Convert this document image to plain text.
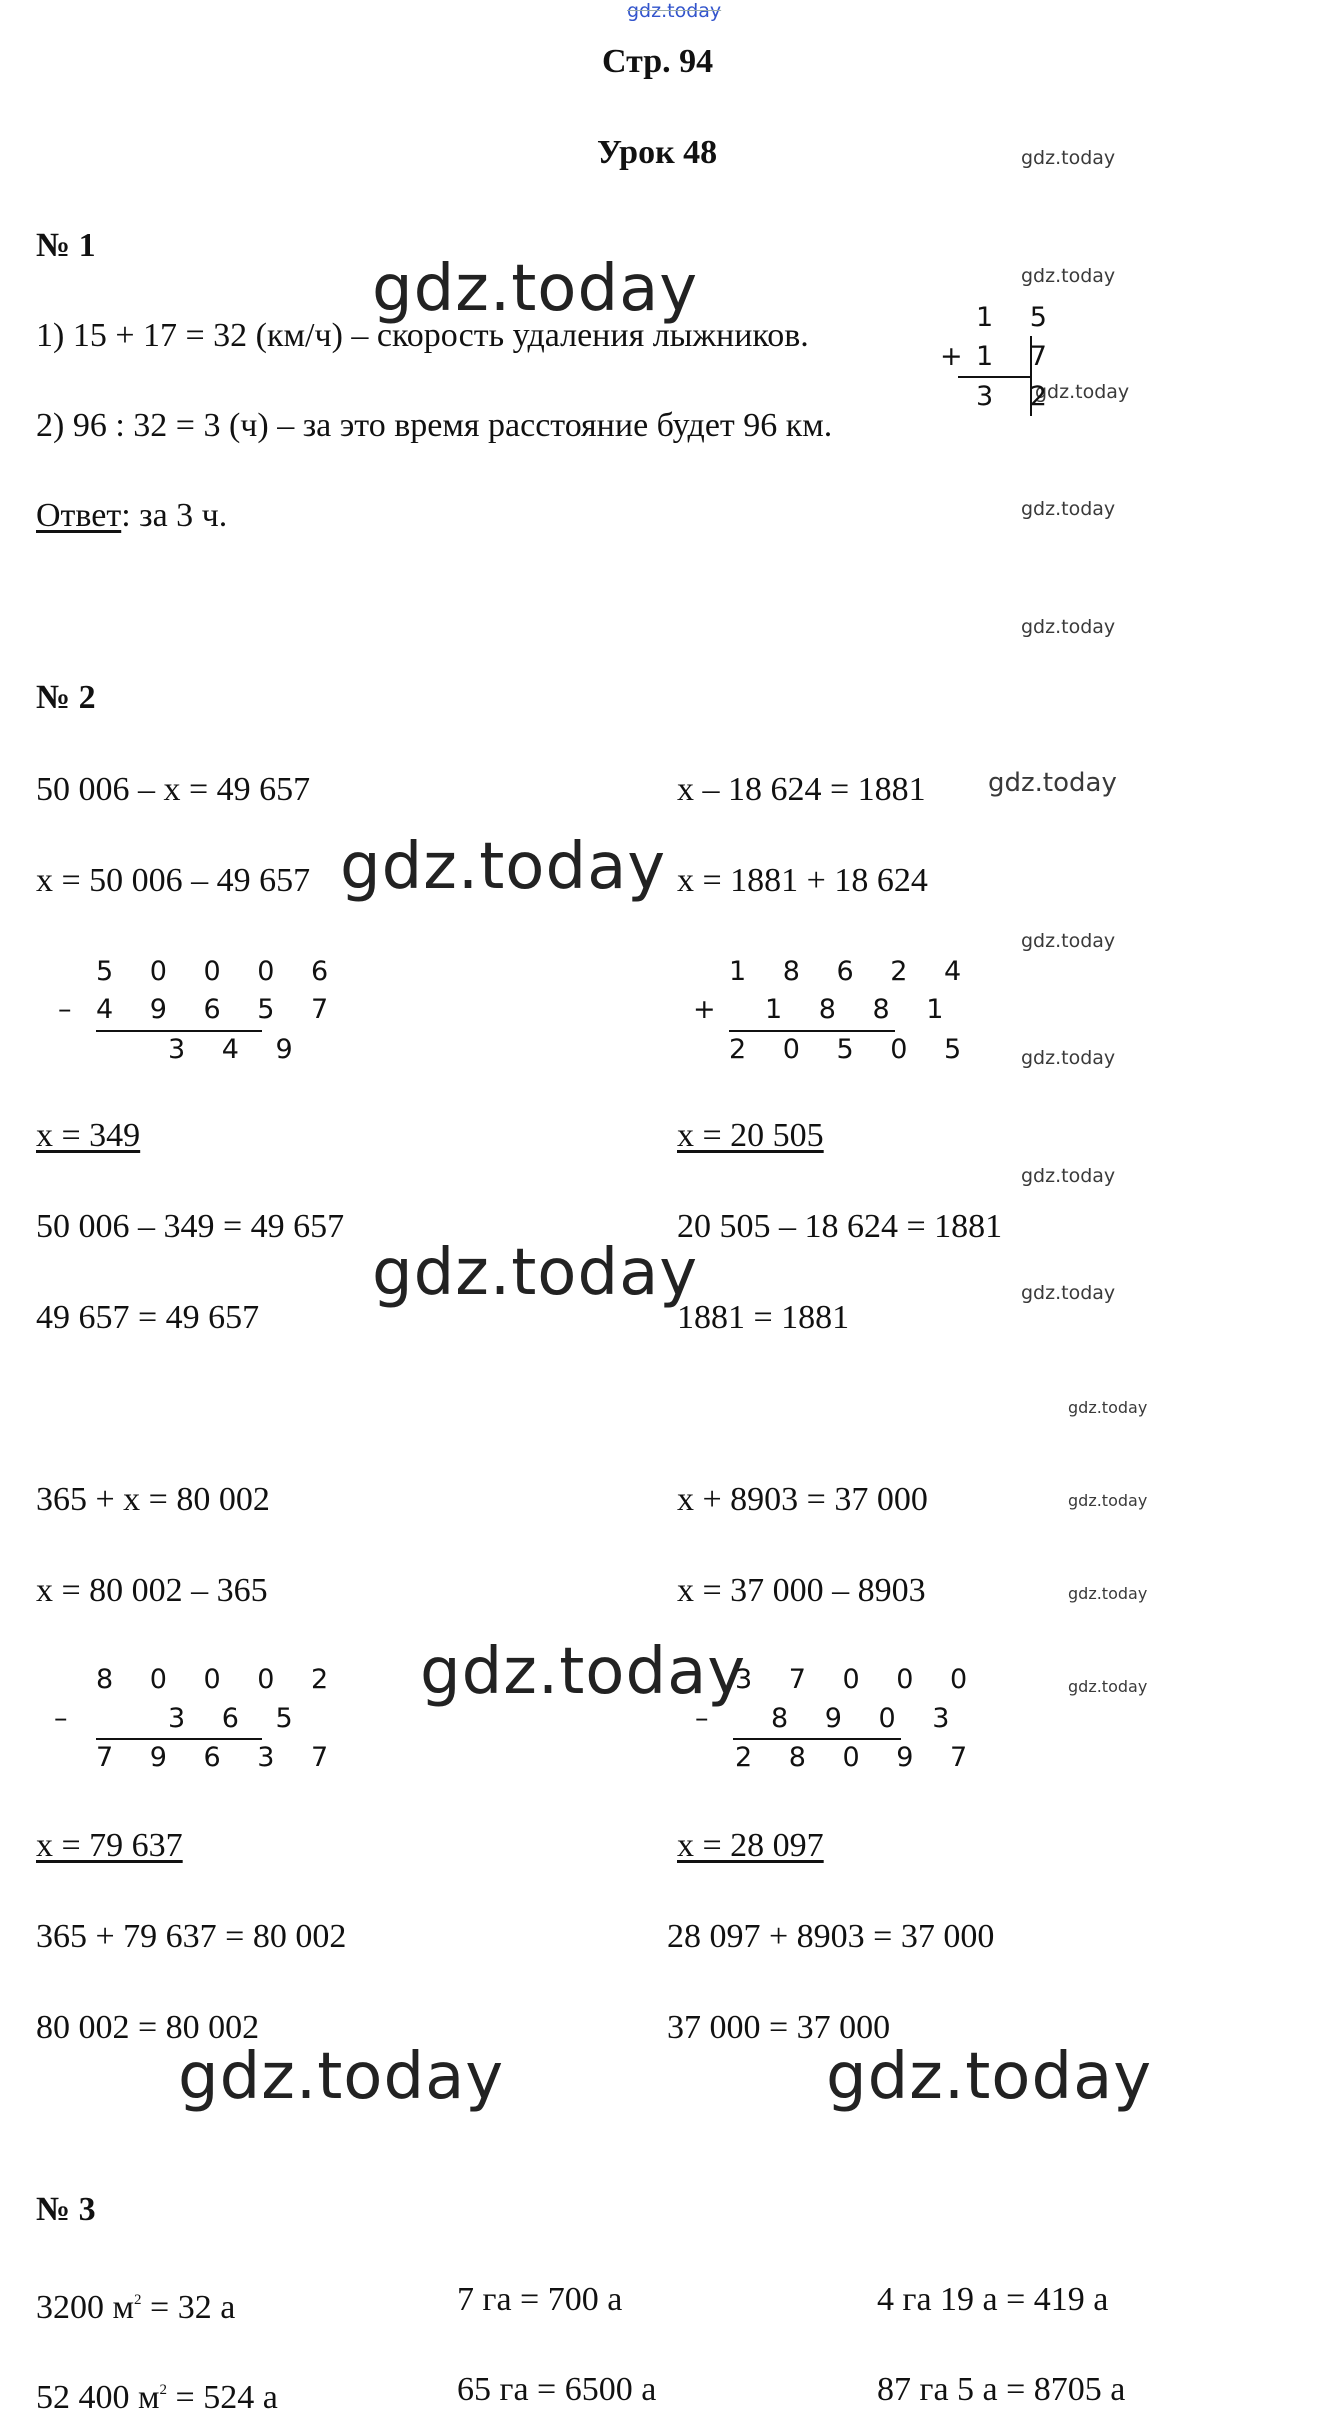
gdz.today
Стр. 94
Урок 48	gdz.today
gdz.today
gdz.today
gdz.today
gdz.today
gdz.today
gdz.today
gdz.today
gdz.today
gdz.today
gdz.today
gdz.today
gdz.today
gdz.today
gdz.today
gdz.today
gdz.today
gdz.today
gdz.today	gdz.today
№ 1
1) 15 + 17 = 32 (км/ч) – скорость удаления лыжников.
2) 96 : 32 = 3 (ч) – за это время расстояние будет 96 км.
Ответ: за 3 ч.
1 5
+ 1 7
3 2
№ 2
50 006 – x = 49 657
x = 50 006 – 49 657
5 0 0 0 6
– 4 9 6 5 7
3 4 9
x = 349
50 006 – 349 = 49 657
49 657 = 49 657
x – 18 624 = 1881
x = 1881 + 18 624
1 8 6 2 4
+ 1 8 8 1
2 0 5 0 5
x = 20 505
20 505 – 18 624 = 1881
1881 = 1881
365 + x = 80 002
x = 80 002 – 365
8 0 0 0 2
–	3 6 5
7 9 6 3 7
x = 79 637
365 + 79 637 = 80 002
80 002 = 80 002
x + 8903 = 37 000
x = 37 000 – 8903
3 7 0 0 0
– 8 9 0 3
2 8 0 9 7
x = 28 097
28 097 + 8903 = 37 000
37 000 = 37 000
№ 3
3200 $м^2 = 32$ а	7 га = 700 а	4 га 19 а = 419 а
52 400 $м^2 = 524$ а	65 га = 6500 а	87 га 5 а = 8705 а
